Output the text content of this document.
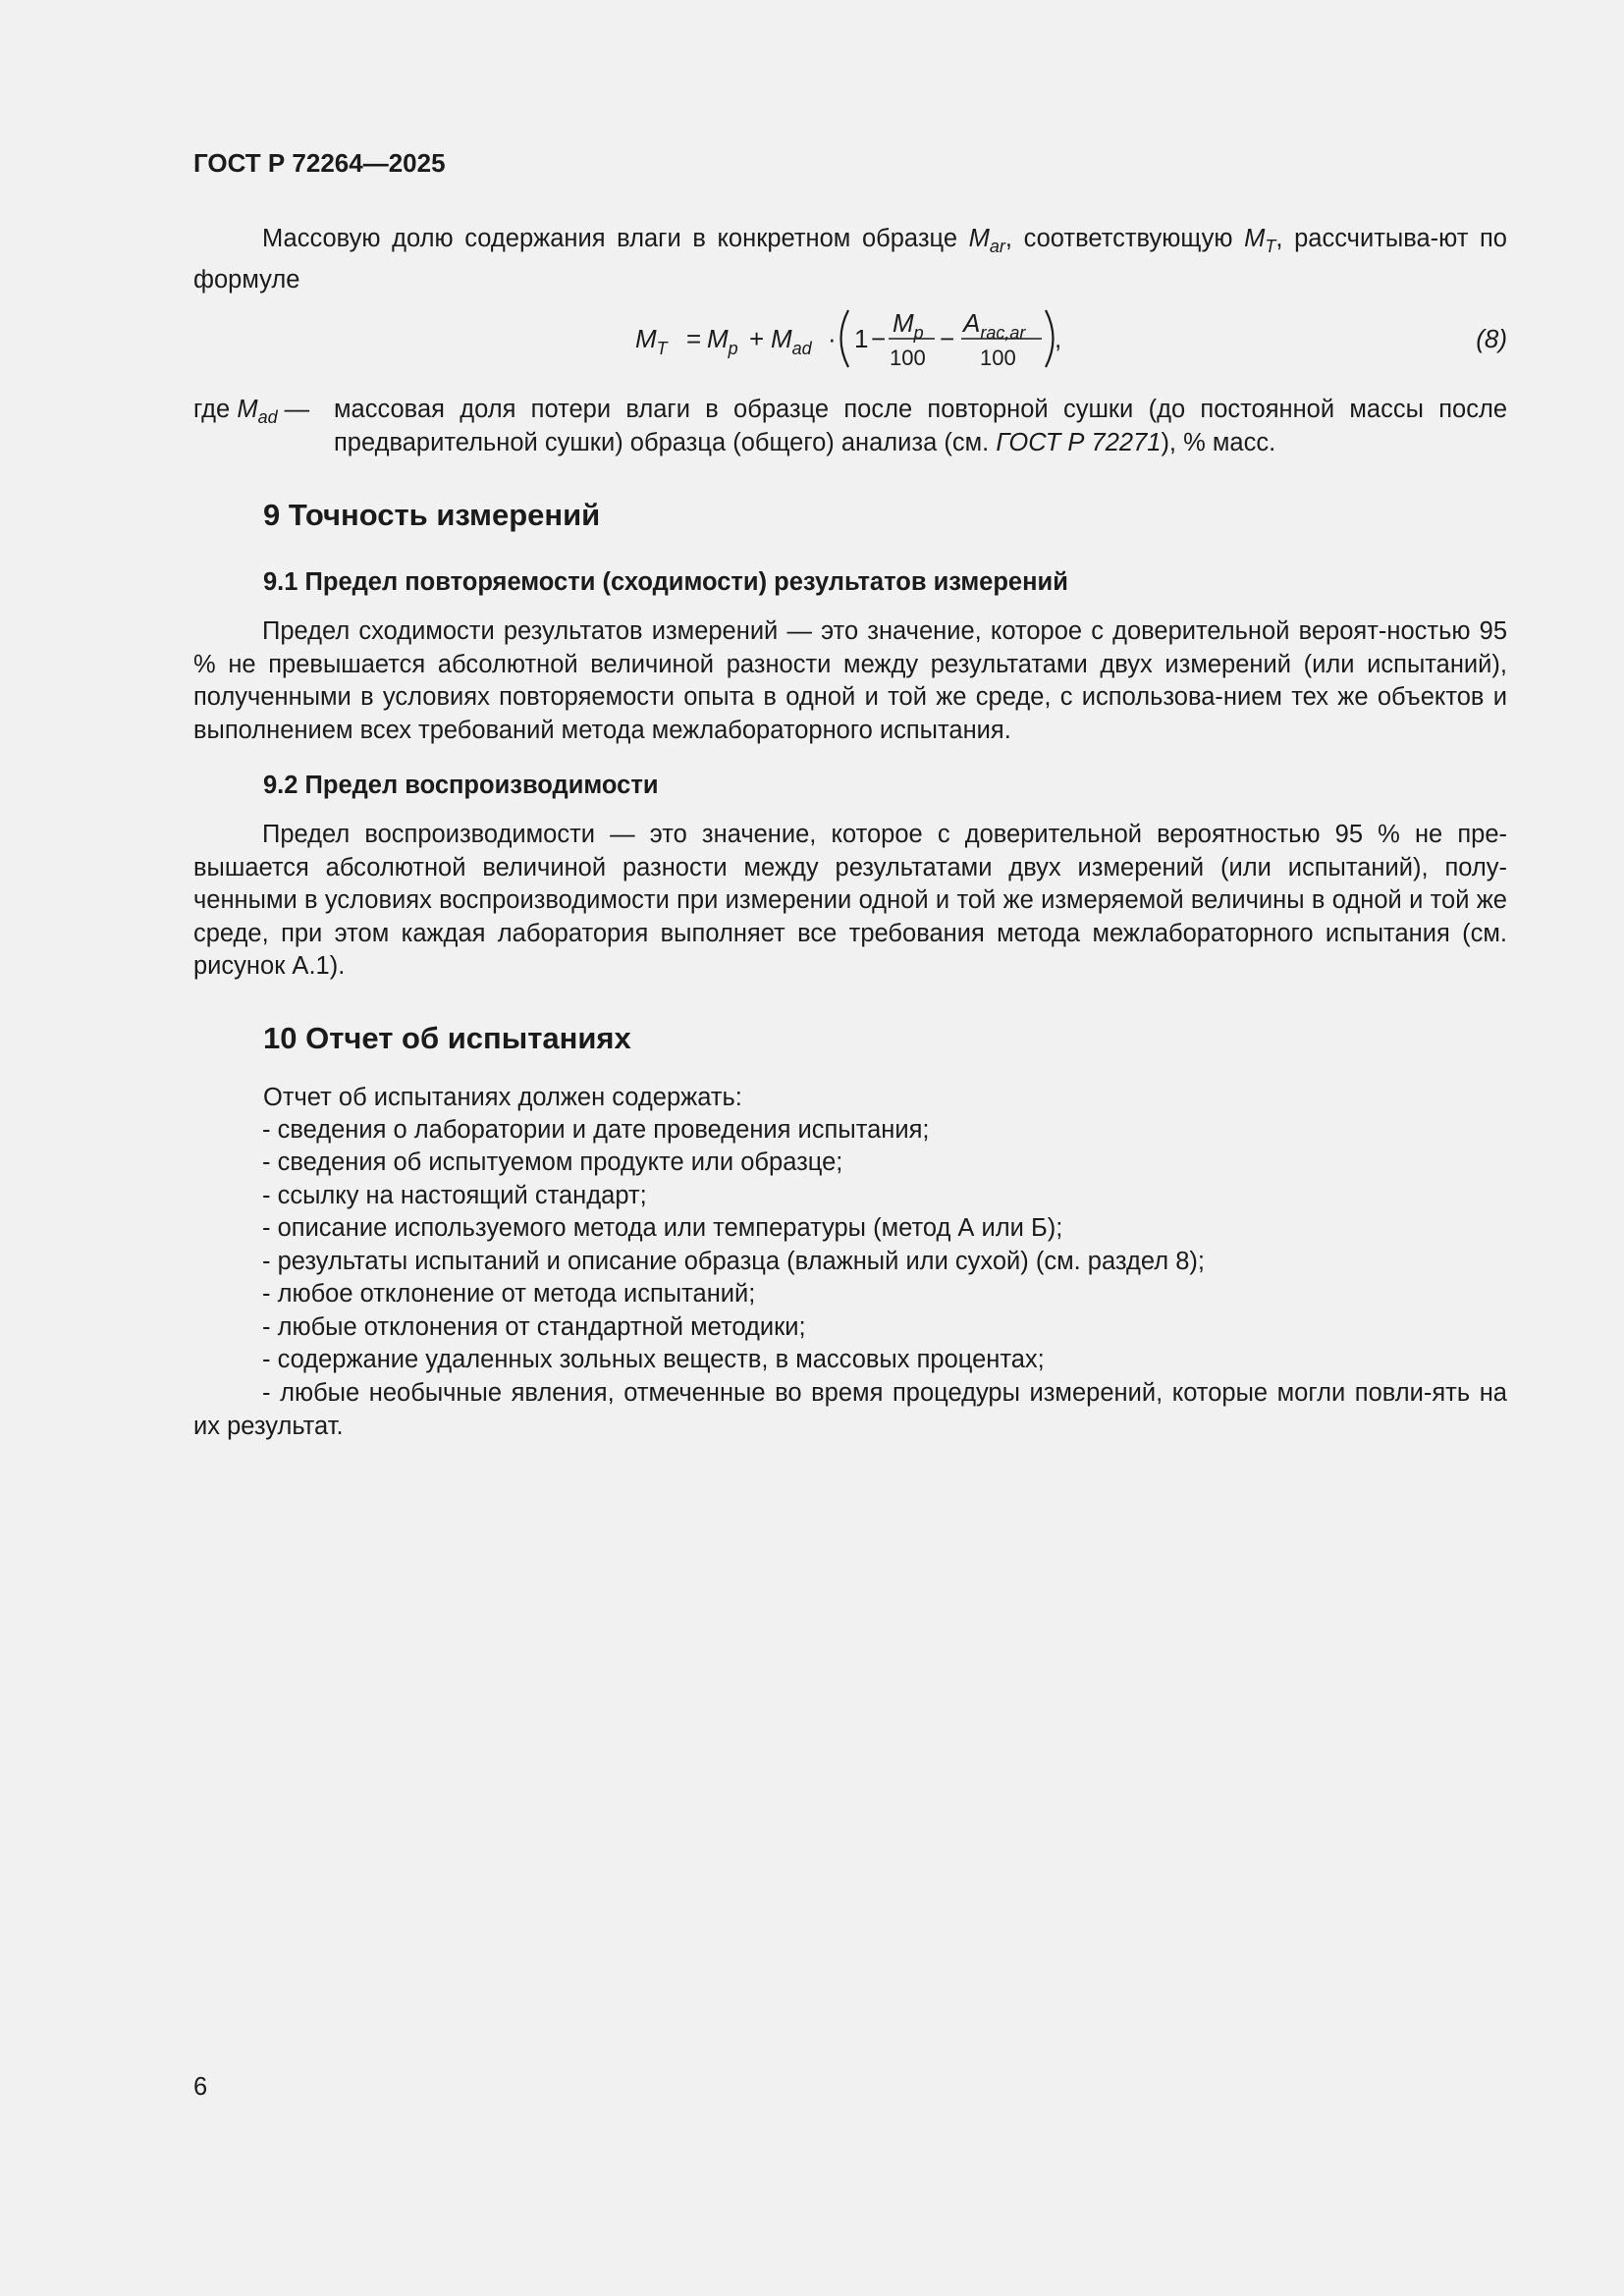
ГОСТ Р 72264—2025

Массовую долю содержания влаги в конкретном образце $M_{ar}$, соответствующую $M_T$, рассчитыва-ют по формуле

$M_T = M_p + M_{ad} \cdot 1$ −
$M_p$
100
−
$A_{rac,ar}$
100
,	(8)
где $M_{ad}$ — массовая доля потери влаги в образце после повторной сушки (до постоянной массы после предварительной сушки) образца (общего) анализа (см. ГОСТ Р 72271), % масс.
9 Точность измерений
9.1 Предел повторяемости (сходимости) результатов измерений

Предел сходимости результатов измерений — это значение, которое с доверительной вероят-ностью 95 % не превышается абсолютной величиной разности между результатами двух измерений (или испытаний), полученными в условиях повторяемости опыта в одной и той же среде, с использова-нием тех же объектов и выполнением всех требований метода межлабораторного испытания.

9.2 Предел воспроизводимости

Предел воспроизводимости — это значение, которое с доверительной вероятностью 95 % не пре-вышается абсолютной величиной разности между результатами двух измерений (или испытаний), полу-ченными в условиях воспроизводимости при измерении одной и той же измеряемой величины в одной и той же среде, при этом каждая лаборатория выполняет все требования метода межлабораторного испытания (см. рисунок А.1).

10 Отчет об испытаниях
Отчет об испытаниях должен содержать:

- сведения о лаборатории и дате проведения испытания;

- сведения об испытуемом продукте или образце;

- ссылку на настоящий стандарт;

- описание используемого метода или температуры (метод А или Б);

- результаты испытаний и описание образца (влажный или сухой) (см. раздел 8);

- любое отклонение от метода испытаний;

- любые отклонения от стандартной методики;

- содержание удаленных зольных веществ, в массовых процентах;

- любые необычные явления, отмеченные во время процедуры измерений, которые могли повли-ять на их результат.

6
